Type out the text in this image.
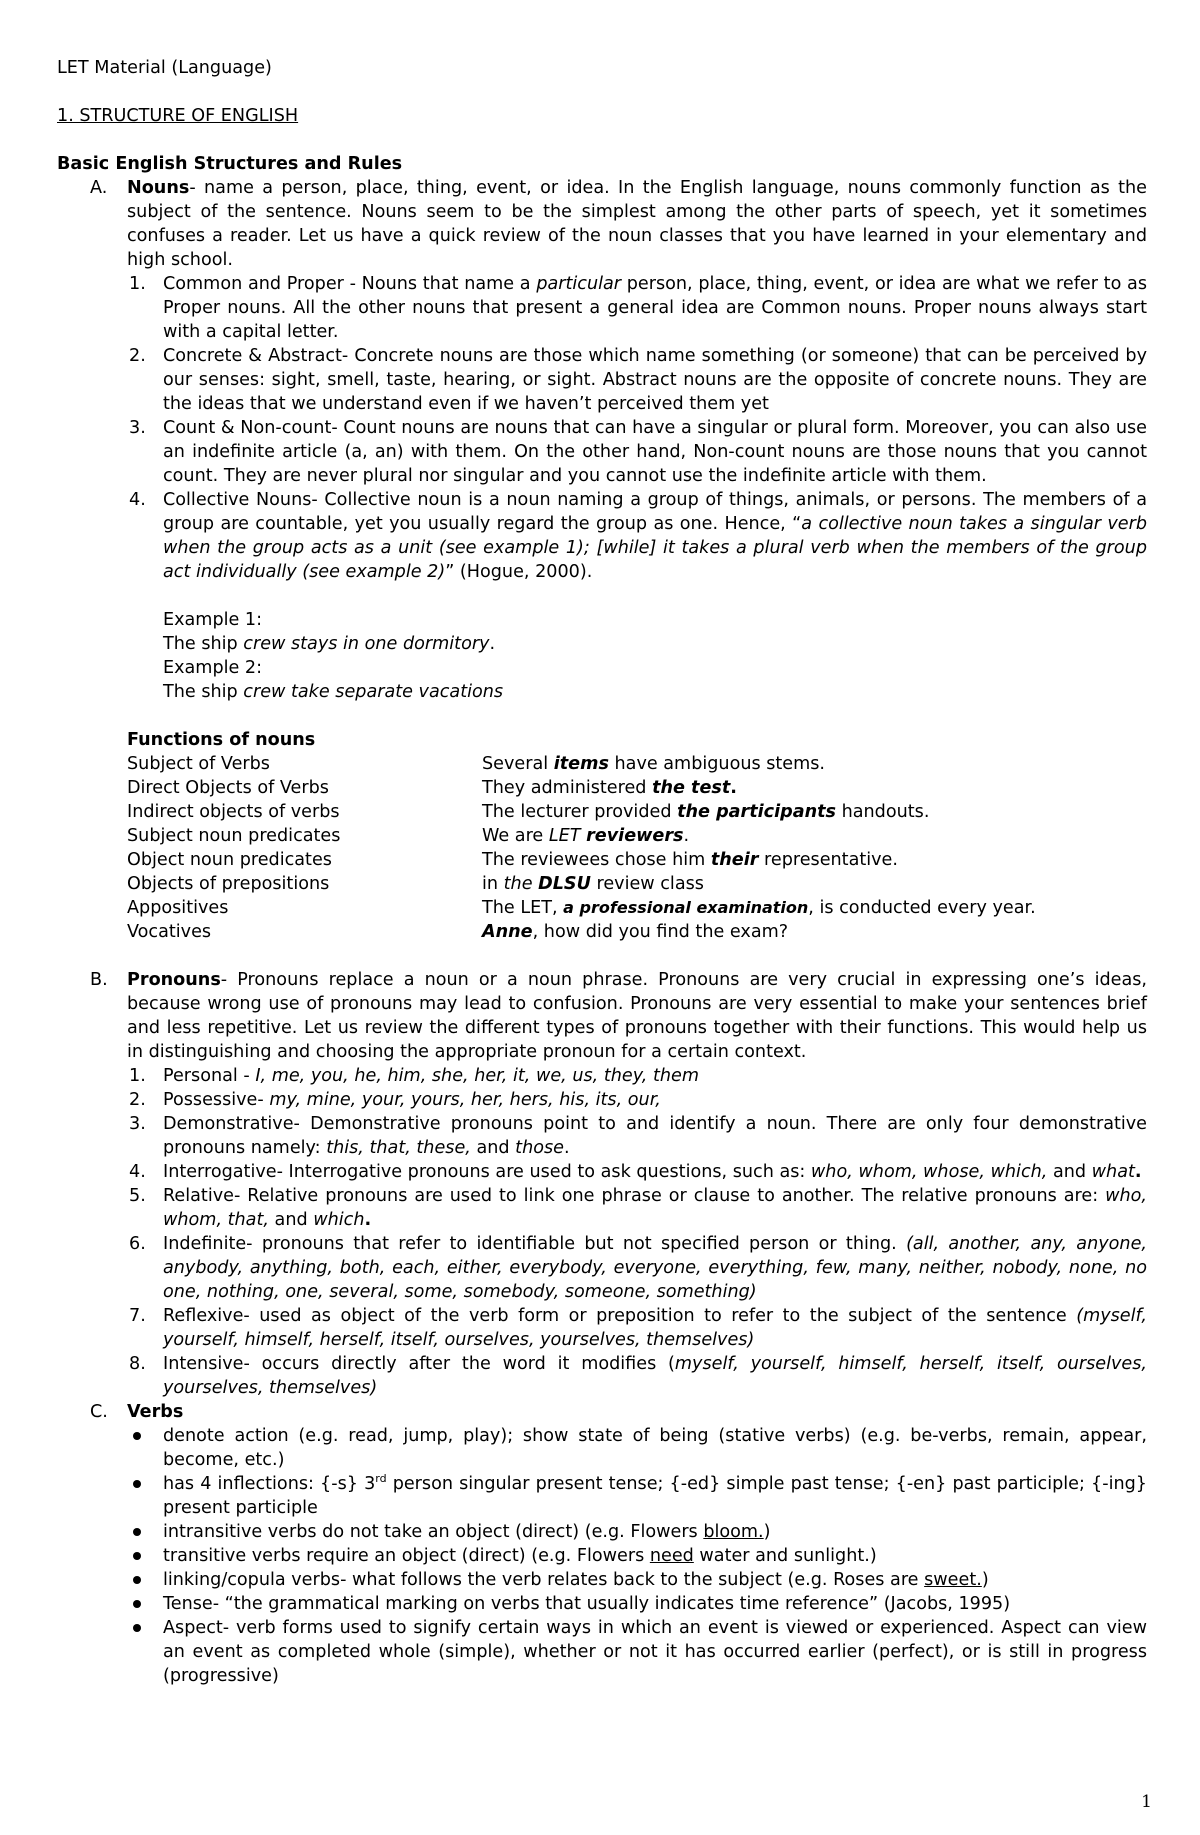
LET Material (Language)

1. STRUCTURE OF ENGLISH

Basic English Structures and Rules

A. Nouns- name a person, place, thing, event, or idea. In the English language, nouns commonly function as the subject of the sentence. Nouns seem to be the simplest among the other parts of speech, yet it sometimes confuses a reader. Let us have a quick review of the noun classes that you have learned in your elementary and high school.
1. Common and Proper - Nouns that name a particular person, place, thing, event, or idea are what we refer to as Proper nouns. All the other nouns that present a general idea are Common nouns. Proper nouns always start with a capital letter.
2. Concrete & Abstract- Concrete nouns are those which name something (or someone) that can be perceived by our senses: sight, smell, taste, hearing, or sight. Abstract nouns are the opposite of concrete nouns. They are the ideas that we understand even if we haven’t perceived them yet
3. Count & Non-count- Count nouns are nouns that can have a singular or plural form. Moreover, you can also use an indefinite article (a, an) with them. On the other hand, Non-count nouns are those nouns that you cannot count. They are never plural nor singular and you cannot use the indefinite article with them.
4. Collective Nouns- Collective noun is a noun naming a group of things, animals, or persons. The members of a group are countable, yet you usually regard the group as one. Hence, “a collective noun takes a singular verb when the group acts as a unit (see example 1); [while] it takes a plural verb when the members of the group act individually (see example 2)” (Hogue, 2000).
Example 1:
The ship crew stays in one dormitory.
Example 2:
The ship crew take separate vacations
Functions of nouns
Subject of Verbs	Several items have ambiguous stems.
Direct Objects of Verbs	They administered the test.
Indirect objects of verbs	The lecturer provided the participants handouts.
Subject noun predicates	We are LET reviewers.
Object noun predicates	The reviewees chose him their representative.
Objects of prepositions	in the DLSU review class
Appositives	The LET, a professional examination, is conducted every year.
Vocatives	Anne, how did you find the exam?
B. Pronouns- Pronouns replace a noun or a noun phrase. Pronouns are very crucial in expressing one’s ideas, because wrong use of pronouns may lead to confusion. Pronouns are very essential to make your sentences brief and less repetitive. Let us review the different types of pronouns together with their functions. This would help us in distinguishing and choosing the appropriate pronoun for a certain context.
1. Personal - I, me, you, he, him, she, her, it, we, us, they, them
2. Possessive- my, mine, your, yours, her, hers, his, its, our,
3. Demonstrative- Demonstrative pronouns point to and identify a noun. There are only four demonstrative pronouns namely: this, that, these, and those.
4. Interrogative- Interrogative pronouns are used to ask questions, such as: who, whom, whose, which, and what.
5. Relative- Relative pronouns are used to link one phrase or clause to another. The relative pronouns are: who, whom, that, and which.
6. Indefinite- pronouns that refer to identifiable but not specified person or thing. (all, another, any, anyone, anybody, anything, both, each, either, everybody, everyone, everything, few, many, neither, nobody, none, no one, nothing, one, several, some, somebody, someone, something)
7. Reflexive- used as object of the verb form or preposition to refer to the subject of the sentence (myself, yourself, himself, herself, itself, ourselves, yourselves, themselves)
8. Intensive- occurs directly after the word it modifies (myself, yourself, himself, herself, itself, ourselves, yourselves, themselves)
C. Verbs
denote action (e.g. read, jump, play); show state of being (stative verbs) (e.g. be-verbs, remain, appear, become, etc.)
has 4 inflections: {-s} 3rd person singular present tense; {-ed} simple past tense; {-en} past participle; {-ing} present participle
intransitive verbs do not take an object (direct) (e.g. Flowers bloom.)
transitive verbs require an object (direct) (e.g. Flowers need water and sunlight.)
linking/copula verbs- what follows the verb relates back to the subject (e.g. Roses are sweet.)
Tense- “the grammatical marking on verbs that usually indicates time reference” (Jacobs, 1995)
Aspect- verb forms used to signify certain ways in which an event is viewed or experienced. Aspect can view an event as completed whole (simple), whether or not it has occurred earlier (perfect), or is still in progress (progressive)
1
